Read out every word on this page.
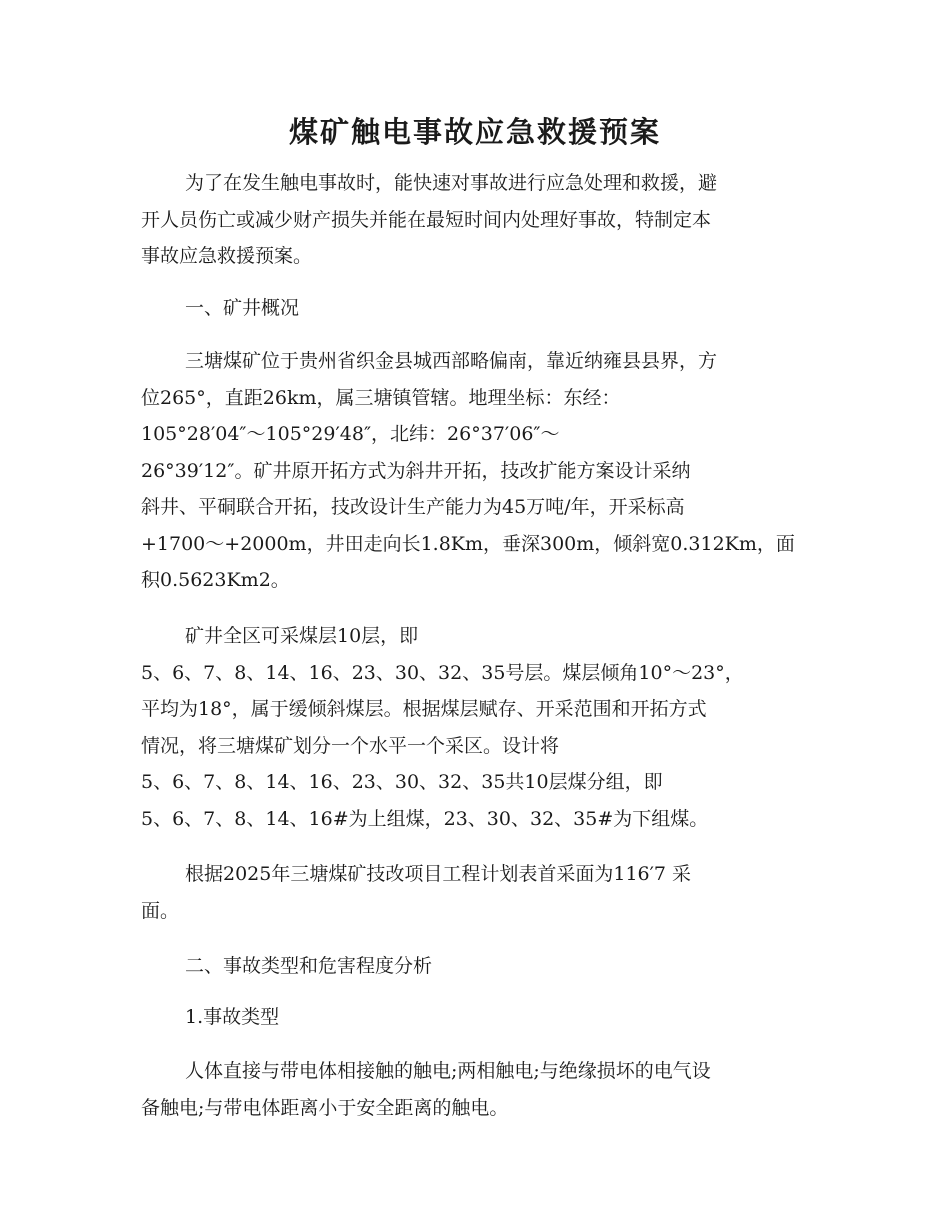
煤矿触电事故应急救援预案

为了在发生触电事故时，能快速对事故进行应急处理和救援，避
开人员伤亡或减少财产损失并能在最短时间内处理好事故，特制定本
事故应急救援预案。

一、矿井概况

三塘煤矿位于贵州省织金县城西部略偏南，靠近纳雍县县界，方
位265°，直距26km，属三塘镇管辖。地理坐标：东经：
105°28′04″～105°29′48″，北纬：26°37′06″～
26°39′12″。矿井原开拓方式为斜井开拓，技改扩能方案设计采纳
斜井、平硐联合开拓，技改设计生产能力为45万吨/年，开采标高
+1700～+2000m，井田走向长1.8Km，垂深300m，倾斜宽0.312Km，面
积0.5623Km2。

矿井全区可采煤层10层，即
5、6、7、8、14、16、23、30、32、35号层。煤层倾角10°～23°，
平均为18°，属于缓倾斜煤层。根据煤层赋存、开采范围和开拓方式
情况，将三塘煤矿划分一个水平一个采区。设计将
5、6、7、8、14、16、23、30、32、35共10层煤分组，即
5、6、7、8、14、16#为上组煤，23、30、32、35#为下组煤。

根据2025年三塘煤矿技改项目工程计划表首采面为116′7 采
面。

二、事故类型和危害程度分析

1.事故类型

人体直接与带电体相接触的触电;两相触电;与绝缘损坏的电气设
备触电;与带电体距离小于安全距离的触电。
